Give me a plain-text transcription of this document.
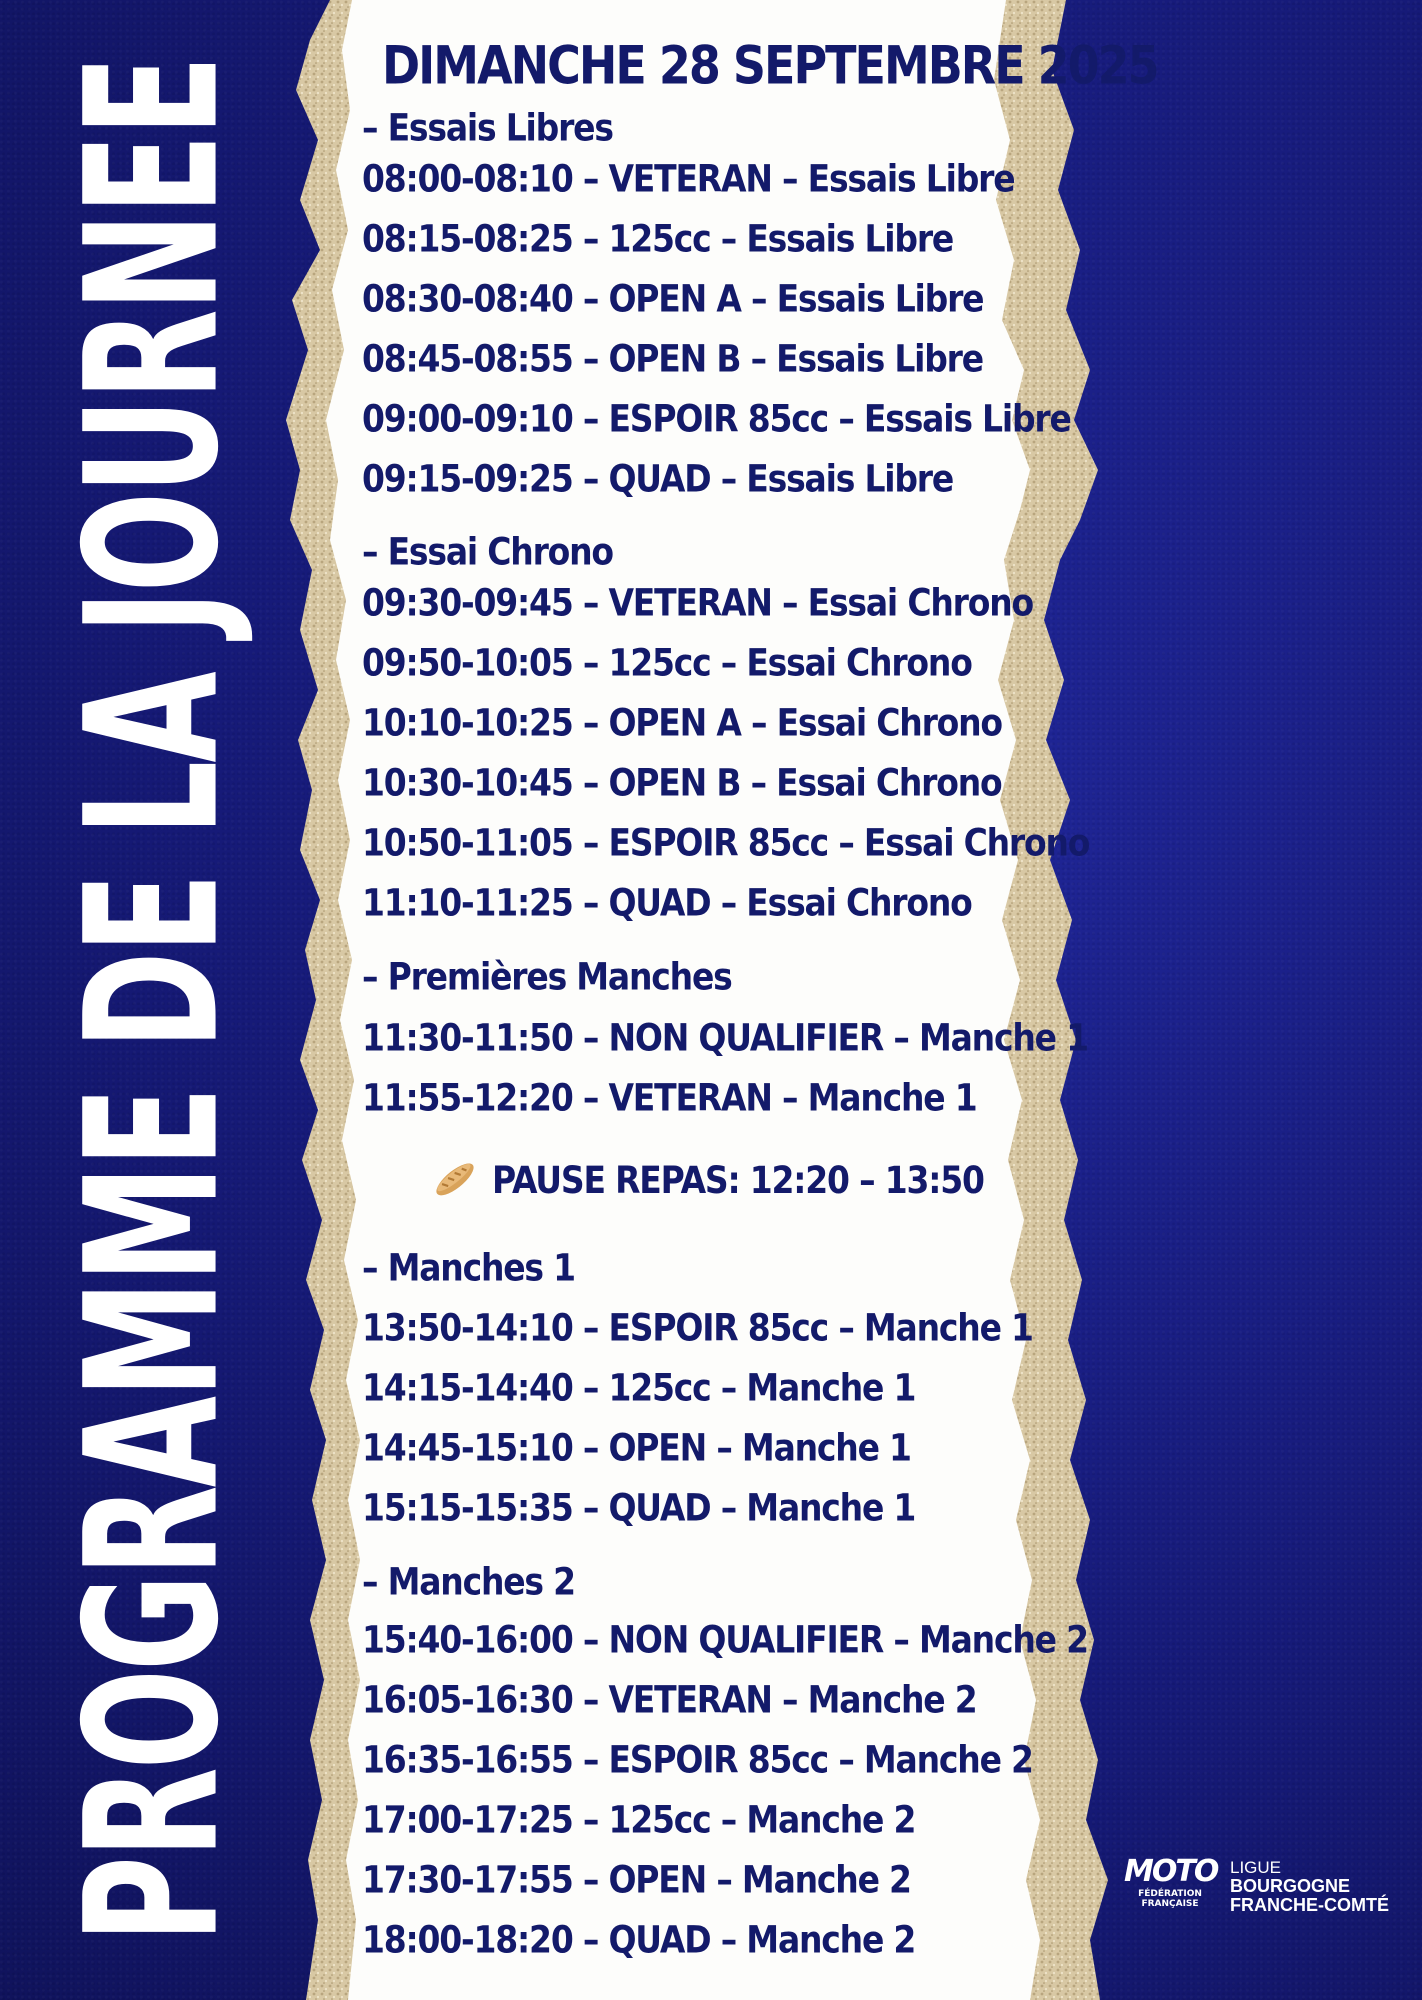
PROGRAMME DE LA JOURNEE	DIMANCHE 28 SEPTEMBRE 2025
– Essais Libres
08:00-08:10 – VETERAN – Essais Libre
08:15-08:25 – 125cc – Essais Libre
08:30-08:40 – OPEN A – Essais Libre
08:45-08:55 – OPEN B – Essais Libre
09:00-09:10 – ESPOIR 85cc – Essais Libre
09:15-09:25 – QUAD – Essais Libre
– Essai Chrono
09:30-09:45 – VETERAN – Essai Chrono
09:50-10:05 – 125cc – Essai Chrono
10:10-10:25 – OPEN A – Essai Chrono
10:30-10:45 – OPEN B – Essai Chrono
10:50-11:05 – ESPOIR 85cc – Essai Chrono
11:10-11:25 – QUAD – Essai Chrono
– Premières Manches
11:30-11:50 – NON QUALIFIER – Manche 1
11:55-12:20 – VETERAN – Manche 1
PAUSE REPAS: 12:20 – 13:50
– Manches 1
13:50-14:10 – ESPOIR 85cc – Manche 1
14:15-14:40 – 125cc – Manche 1
14:45-15:10 – OPEN – Manche 1
15:15-15:35 – QUAD – Manche 1
– Manches 2
15:40-16:00 – NON QUALIFIER – Manche 2
16:05-16:30 – VETERAN – Manche 2
16:35-16:55 – ESPOIR 85cc – Manche 2
17:00-17:25 – 125cc – Manche 2
17:30-17:55 – OPEN – Manche 2
18:00-18:20 – QUAD – Manche 2
MOTO
FÉDÉRATION
FRANÇAISE
LIGUE
BOURGOGNE
FRANCHE-COMTÉ
